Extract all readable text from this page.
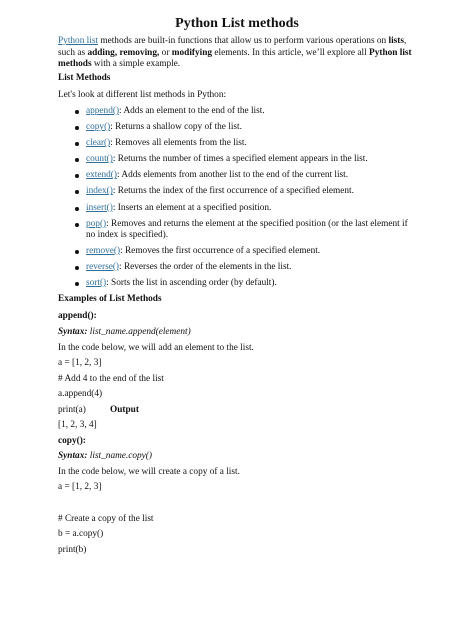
Python List methods

Python list methods are built-in functions that allow us to perform various operations on lists, such as adding, removing, or modifying elements. In this article, we’ll explore all Python list methods with a simple example.

List Methods

Let's look at different list methods in Python:

append(): Adds an element to the end of the list.
copy(): Returns a shallow copy of the list.
clear(): Removes all elements from the list.
count(): Returns the number of times a specified element appears in the list.
extend(): Adds elements from another list to the end of the current list.
index(): Returns the index of the first occurrence of a specified element.
insert(): Inserts an element at a specified position.
pop(): Removes and returns the element at the specified position (or the last element if no index is specified).
remove(): Removes the first occurrence of a specified element.
reverse(): Reverses the order of the elements in the list.
sort(): Sorts the list in ascending order (by default).

Examples of List Methods

append():

Syntax: list_name.append(element)

In the code below, we will add an element to the list.

a = [1, 2, 3]

# Add 4 to the end of the list

a.append(4)

print(a)	Output

[1, 2, 3, 4]

copy():

Syntax: list_name.copy()

In the code below, we will create a copy of a list.

a = [1, 2, 3]

# Create a copy of the list

b = a.copy()

print(b)
